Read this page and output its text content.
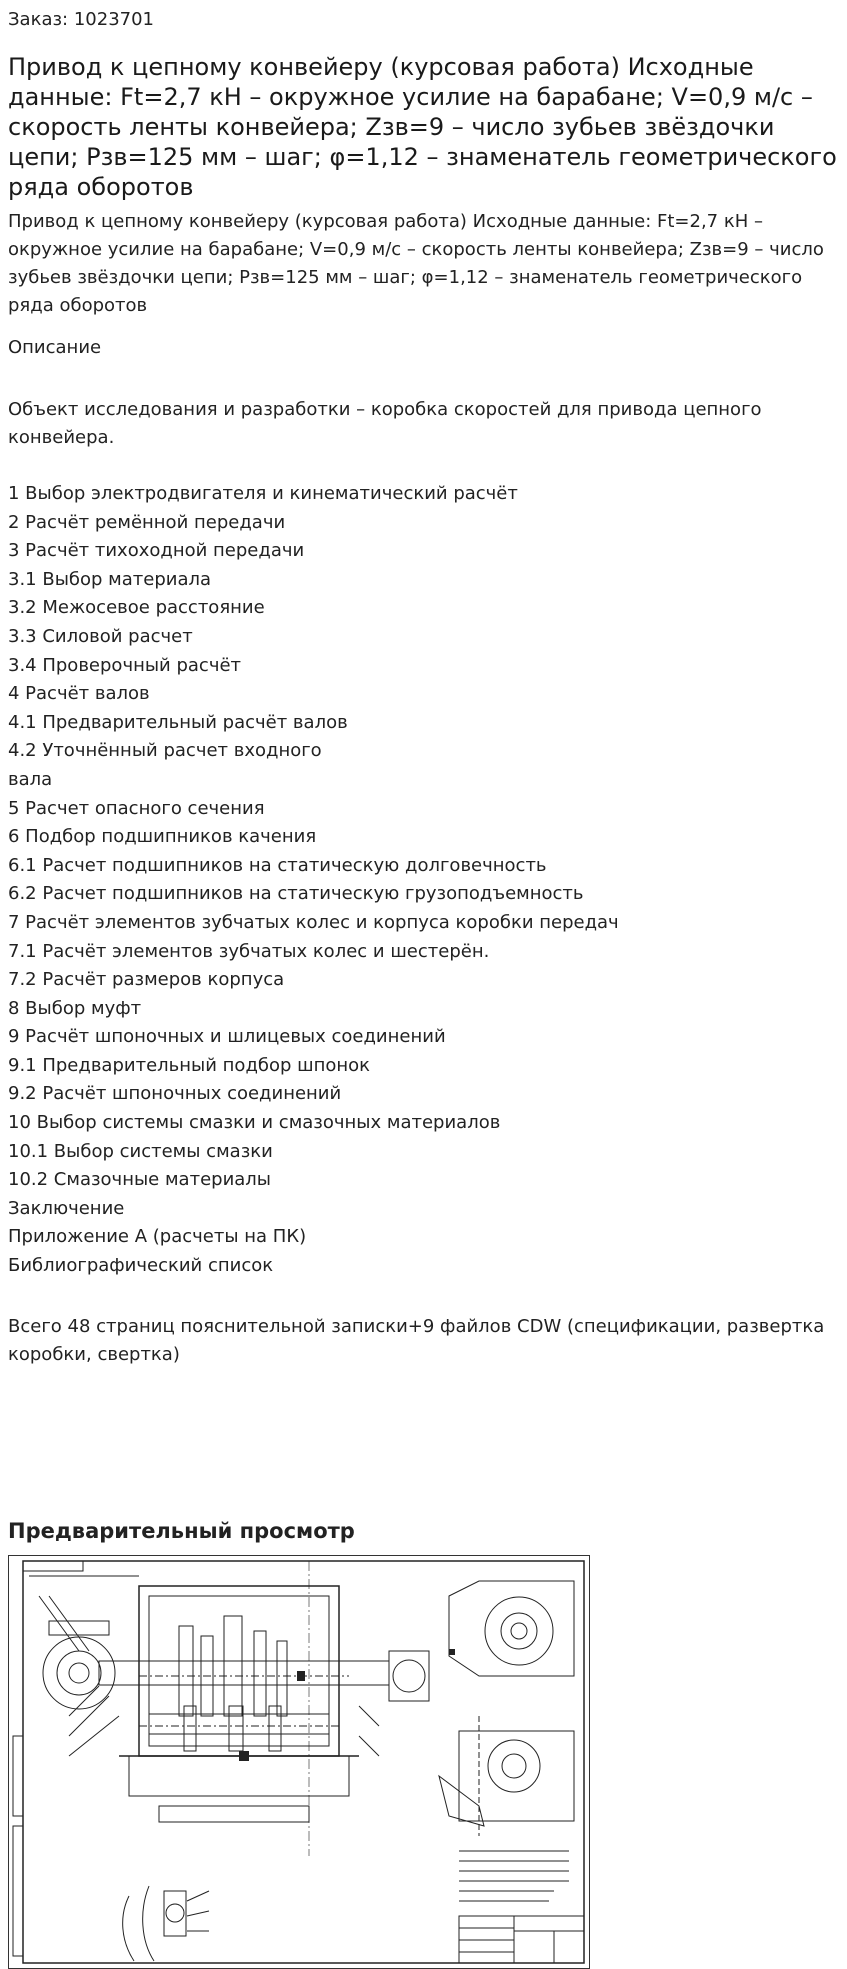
Заказ: 1023701
Привод к цепному конвейеру (курсовая работа) Исходные данные: Ft=2,7 кН – окружное усилие на барабане; V=0,9 м/с – скорость ленты конвейера; Zзв=9 – число зубьев звёздочки цепи; Pзв=125 мм – шаг; φ=1,12 – знаменатель геометрического ряда оборотов

Привод к цепному конвейеру (курсовая работа) Исходные данные: Ft=2,7 кН – окружное усилие на барабане; V=0,9 м/с – скорость ленты конвейера; Zзв=9 – число зубьев звёздочки цепи; Pзв=125 мм – шаг; φ=1,12 – знаменатель геометрического ряда оборотов

Описание

Объект исследования и разработки – коробка скоростей для привода цепного конвейера.

1 Выбор электродвигателя и кинематический расчёт
2 Расчёт ремённой передачи
3 Расчёт тихоходной передачи
3.1 Выбор материала
3.2 Межосевое расстояние
3.3 Силовой расчет
3.4 Проверочный расчёт
4 Расчёт валов
4.1 Предварительный расчёт валов
4.2 Уточнённый расчет входного вала
5 Расчет опасного сечения
6 Подбор подшипников качения
6.1 Расчет подшипников на статическую долговечность
6.2 Расчет подшипников на статическую грузоподъемность
7 Расчёт элементов зубчатых колес и корпуса коробки передач
7.1 Расчёт элементов зубчатых колес и шестерён.
7.2 Расчёт размеров корпуса
8 Выбор муфт
9 Расчёт шпоночных и шлицевых соединений
9.1 Предварительный подбор шпонок
9.2 Расчёт шпоночных соединений
10 Выбор системы смазки и смазочных материалов
10.1 Выбор системы смазки
10.2 Смазочные материалы
Заключение
Приложение А (расчеты на ПК)
Библиографический список

Всего 48 страниц пояснительной записки+9 файлов CDW (спецификации, развертка коробки, свертка)

Предварительный просмотр
